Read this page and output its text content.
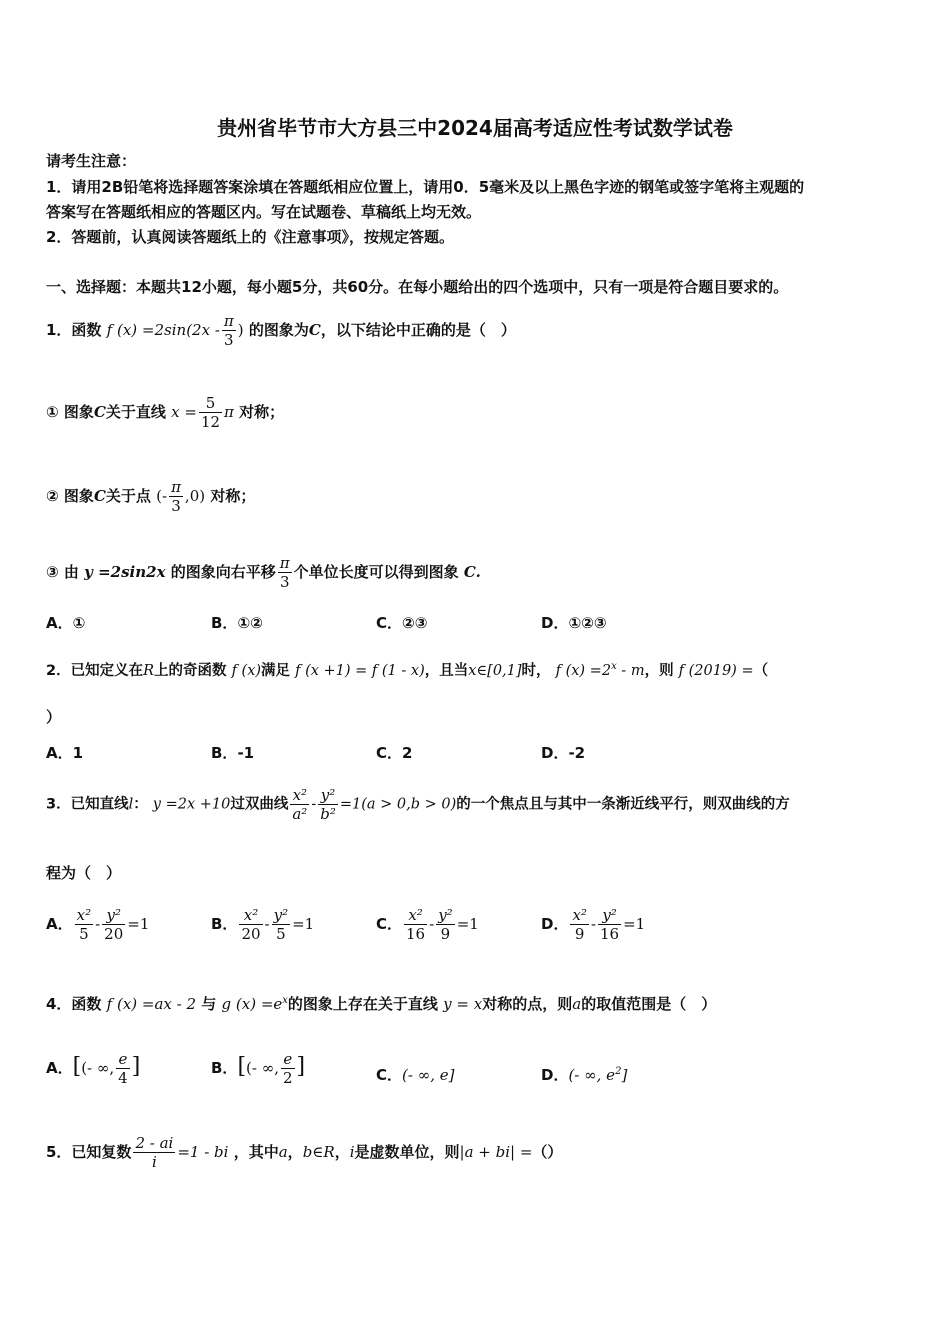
贵州省毕节市大方县三中2024届高考适应性考试数学试卷
请考生注意：
1．请用2B铅笔将选择题答案涂填在答题纸相应位置上，请用0．5毫米及以上黑色字迹的钢笔或签字笔将主观题的
答案写在答题纸相应的答题区内。写在试题卷、草稿纸上均无效。
2．答题前，认真阅读答题纸上的《注意事项》，按规定答题。
一、选择题：本题共12小题，每小题5分，共60分。在每小题给出的四个选项中，只有一项是符合题目要求的。
1．函数 f $(x) =2\sin(2x - \frac{\pi}{3}$ ) 的图象为C，以下结论中正确的是（　）
① 图象C关于直线 $x = \frac{5}{12}$ π 对称；
② 图象C关于点 (- $\frac{\pi}{3} ,0$) 对称；
③ 由 y =2sin2x 的图象向右平移 $\frac{\pi}{3}$ 个单位长度可以得到图象 C.
A．①	B．①②	C．②③	D．①②③
2．已知定义在R上的奇函数 f (x)满足 f (x +1) = f (1 - x)，且当x∈[0,1]时， f $(x) =2^x - m$，则 f (2019) =（
）
A．1	B．-1	C．2	D．-2
3．已知直线l： y =2x +10过双曲线 $\frac{\text{x²}}{\text{a²}} - \frac{\text{y²}}{\text{b²}} =1(a > 0,b > 0)$的一个焦点且与其中一条渐近线平行，则双曲线的方
程为（　）
A． $\frac{\text{x²}}{5} - \frac{\text{y²}}{20} =1$	B． $\frac{\text{x²}}{20} - \frac{\text{y²}}{5} =1$	C． $\frac{\text{x²}}{16} - \frac{\text{y²}}{9} =1$	D． $\frac{\text{x²}}{9} - \frac{\text{y²}}{16} =1$
4．函数 f (x) =ax - 2 与 g $(x) =e^x$的图象上存在关于直线 y = x对称的点，则a的取值范围是（　）
A．[(- ∞, $\frac{e}{4}$ ]	B．[(- ∞, $\frac{e}{2}$ ]	C．(- ∞, e]	D．(- ∞, $e^2$]
5．已知复数 $\frac{2 - ai}{i} =1$ - bi ，其中a，b∈R，i是虚数单位，则|a + bi| =（）
